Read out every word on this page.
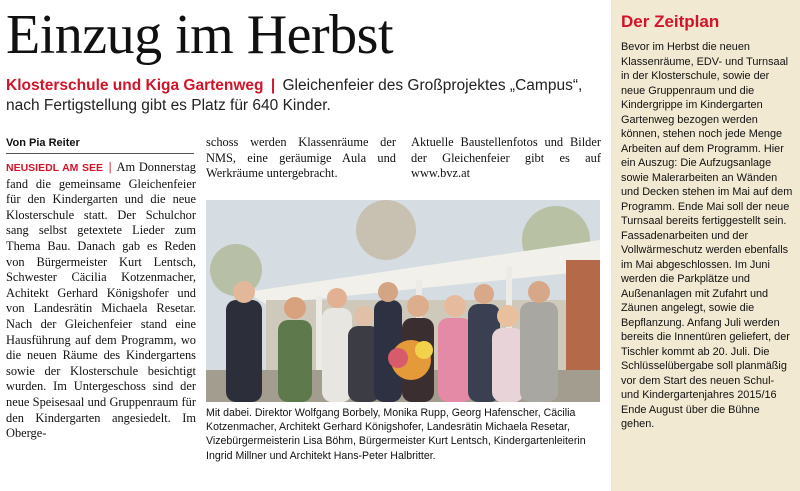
Einzug im Herbst
Klosterschule und Kiga Gartenweg | Gleichenfeier des Großprojektes „Campus“, nach Fertigstellung gibt es Platz für 640 Kinder.
Von Pia Reiter
NEUSIEDL AM SEE | Am Donnerstag fand die gemeinsame Gleichenfeier für den Kindergarten und die neue Klosterschule statt. Der Schulchor sang selbst getextete Lieder zum Thema Bau. Danach gab es Reden von Bürgermeister Kurt Lentsch, Schwester Cäcilia Kotzenmacher, Achitekt Gerhard Königshofer und von Landesrätin Michaela Resetar. Nach der Gleichenfeier stand eine Hausführung auf dem Programm, wo die neuen Räume des Kindergartens sowie der Klosterschule besichtigt wurden. Im Untergeschoss sind der neue Speisesaal und Gruppenraum für den Kindergarten angesiedelt. Im Oberge-
schoss werden Klassenräume der NMS, eine geräumige Aula und Werkräume untergebracht.
Aktuelle Baustellenfotos und Bilder der Gleichenfeier gibt es auf www.bvz.at
Mit dabei. Direktor Wolfgang Borbely, Monika Rupp, Georg Hafenscher, Cäcilia Kotzenmacher, Architekt Gerhard Königshofer, Landesrätin Michaela Resetar, Vizebürgermeisterin Lisa Böhm, Bürgermeister Kurt Lentsch, Kindergartenleiterin Ingrid Millner und Architekt Hans-Peter Halbritter.
Der Zeitplan
Bevor im Herbst die neuen Klassenräume, EDV- und Turnsaal in der Klosterschule, sowie der neue Gruppenraum und die Kindergrippe im Kindergarten Gartenweg bezogen werden können, stehen noch jede Menge Arbeiten auf dem Programm. Hier ein Auszug: Die Aufzugsanlage sowie Malerarbeiten an Wänden und Decken stehen im Mai auf dem Programm. Ende Mai soll der neue Turnsaal bereits fertiggestellt sein. Fassadenarbeiten und der Vollwärmeschutz werden ebenfalls im Mai abgeschlossen. Im Juni werden die Parkplätze und Außenanlagen mit Zufahrt und Zäunen angelegt, sowie die Bepflanzung. Anfang Juli werden bereits die Innentüren geliefert, der Tischler kommt ab 20. Juli. Die Schlüsselübergabe soll planmäßig vor dem Start des neuen Schul- und Kindergartenjahres 2015/16 Ende August über die Bühne gehen.
